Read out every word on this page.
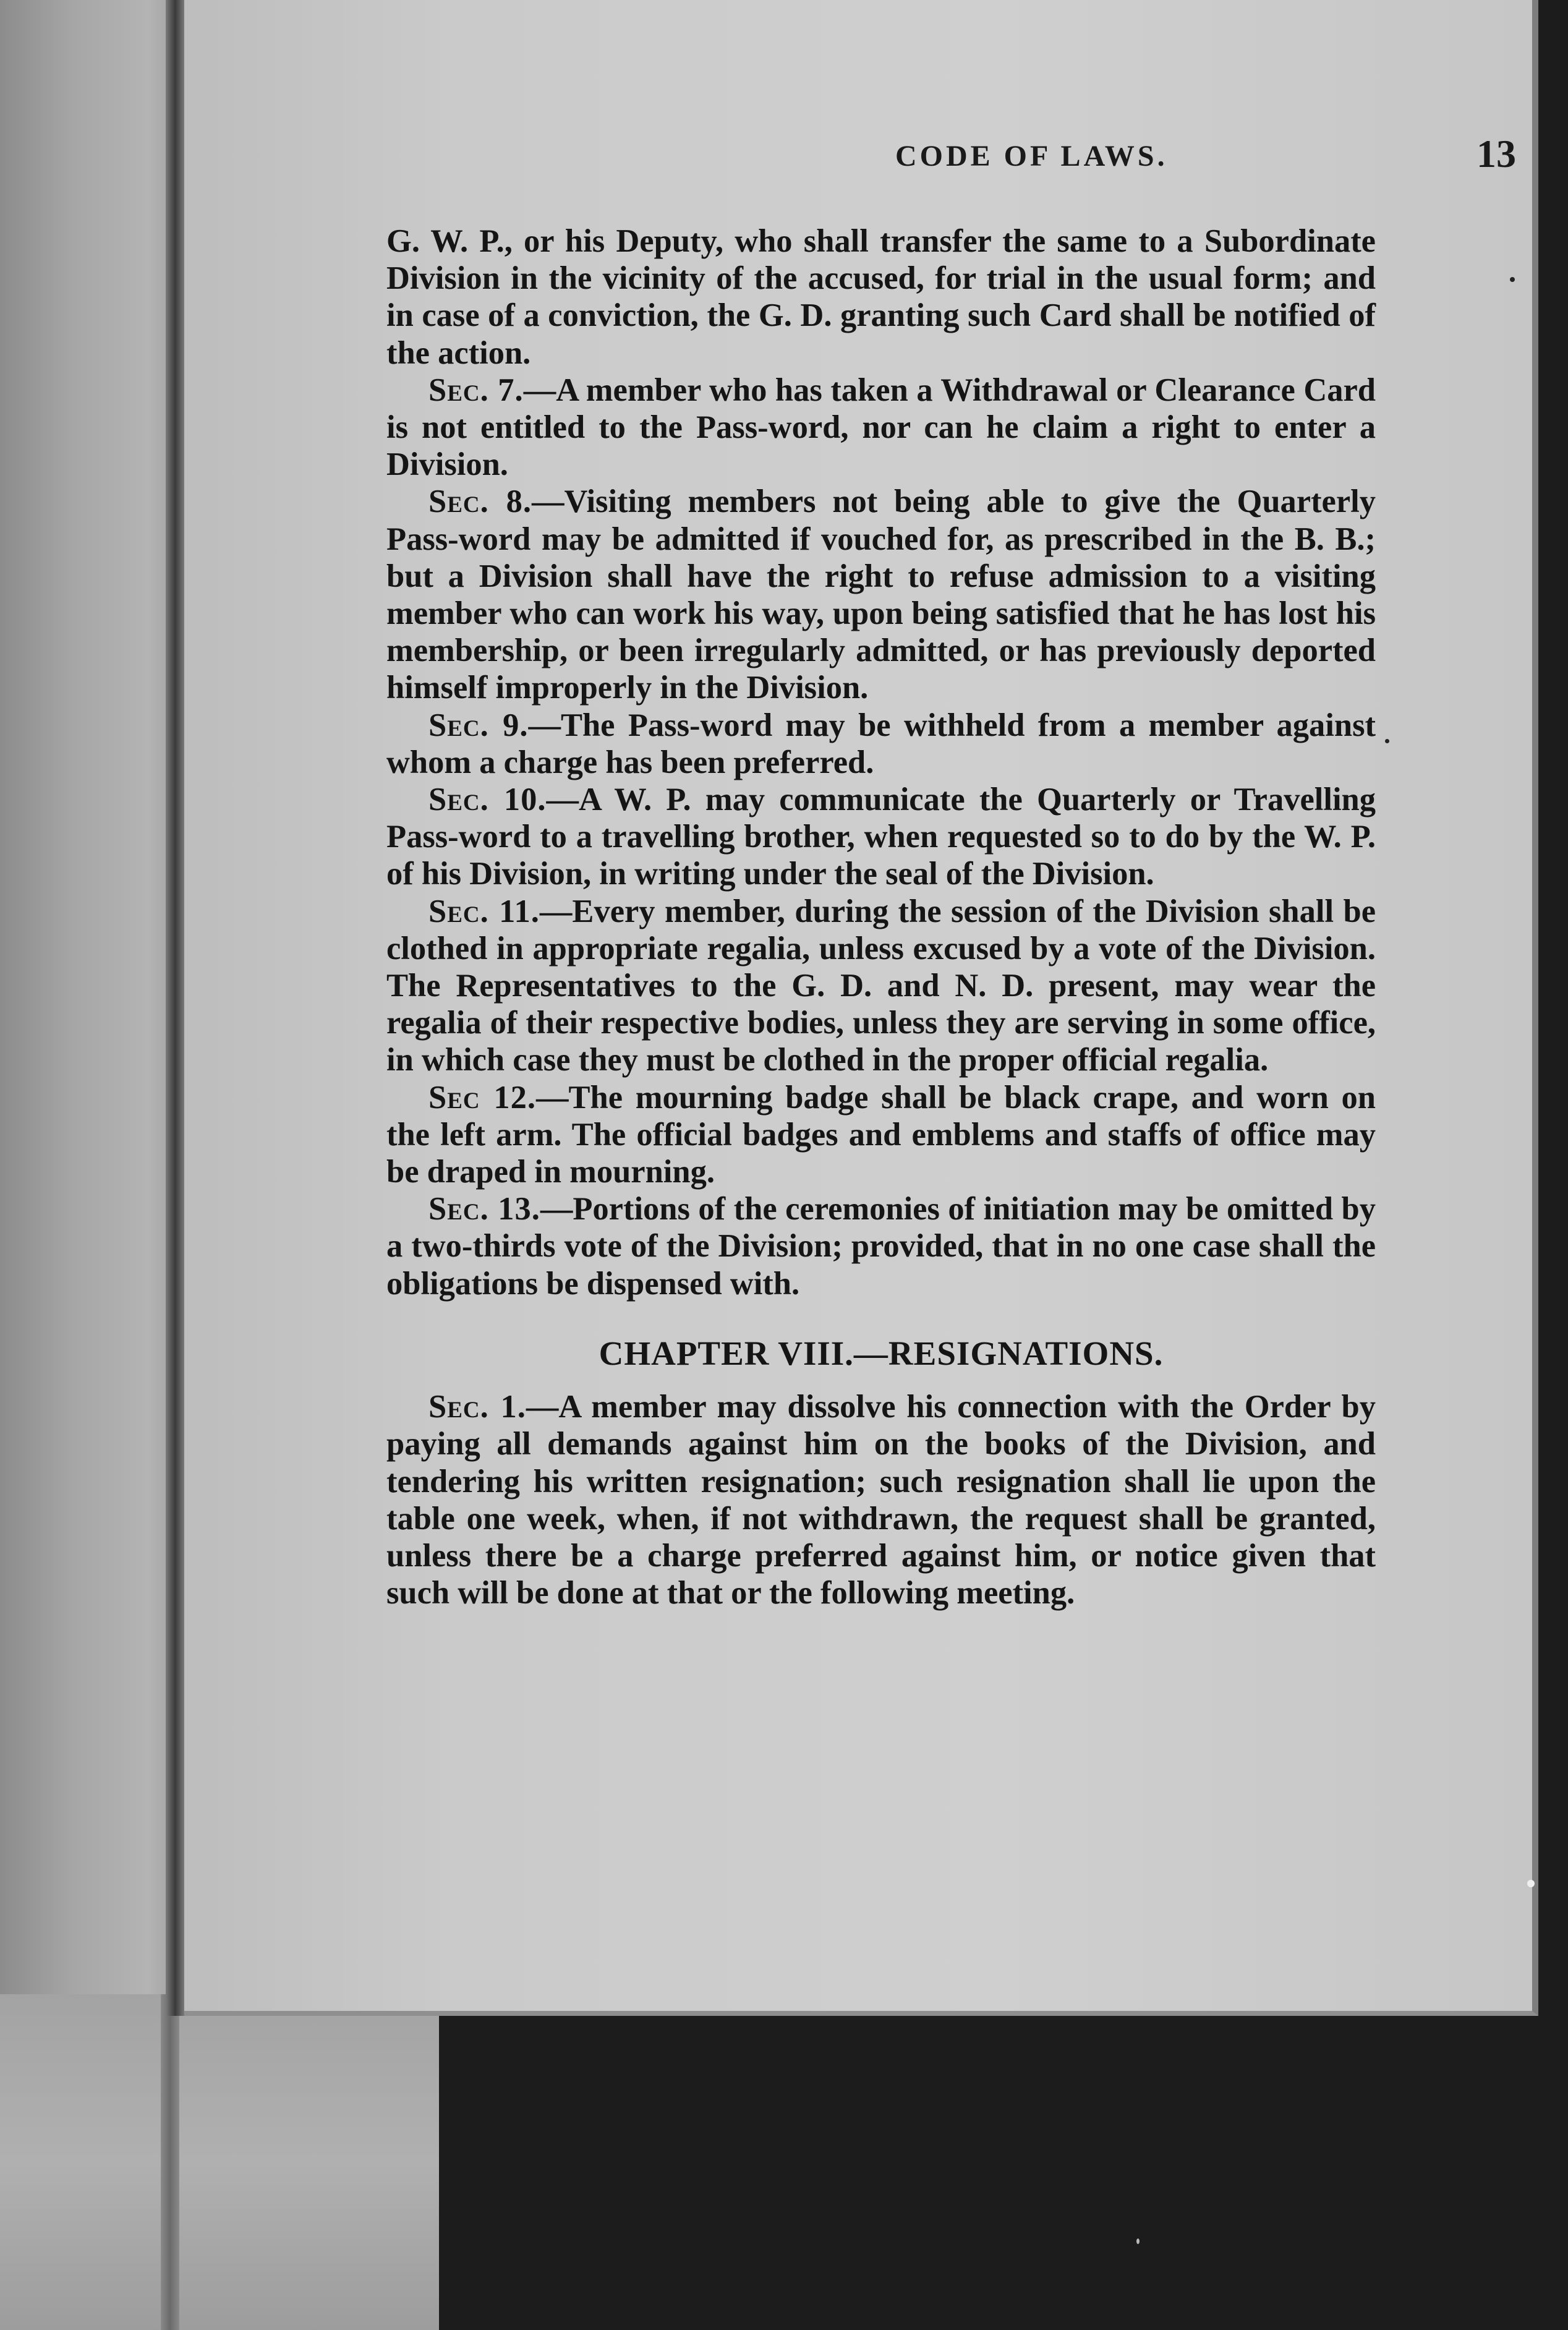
CODE OF LAWS.	13

G. W. P., or his Deputy, who shall transfer the same to a Subordinate Division in the vicinity of the accused, for trial in the usual form; and in case of a conviction, the G. D. granting such Card shall be notified of the action.

Sec. 7.—A member who has taken a Withdrawal or Clearance Card is not entitled to the Pass-word, nor can he claim a right to enter a Division.

Sec. 8.—Visiting members not being able to give the Quarterly Pass-word may be admitted if vouched for, as prescribed in the B. B.; but a Division shall have the right to refuse admission to a visiting member who can work his way, upon being satisfied that he has lost his membership, or been irregularly admitted, or has previously deported himself improperly in the Division.

Sec. 9.—The Pass-word may be withheld from a member against whom a charge has been preferred.

Sec. 10.—A W. P. may communicate the Quarterly or Travelling Pass-word to a travelling brother, when requested so to do by the W. P. of his Division, in writing under the seal of the Division.

Sec. 11.—Every member, during the session of the Division shall be clothed in appropriate regalia, unless excused by a vote of the Division. The Representatives to the G. D. and N. D. present, may wear the regalia of their respective bodies, unless they are serving in some office, in which case they must be clothed in the proper official regalia.

Sec 12.—The mourning badge shall be black crape, and worn on the left arm. The official badges and emblems and staffs of office may be draped in mourning.

Sec. 13.—Portions of the ceremonies of initiation may be omitted by a two-thirds vote of the Division; provided, that in no one case shall the obligations be dispensed with.

CHAPTER VIII.—RESIGNATIONS.

Sec. 1.—A member may dissolve his connection with the Order by paying all demands against him on the books of the Division, and tendering his written resignation; such resignation shall lie upon the table one week, when, if not withdrawn, the request shall be granted, unless there be a charge preferred against him, or notice given that such will be done at that or the following meeting.
